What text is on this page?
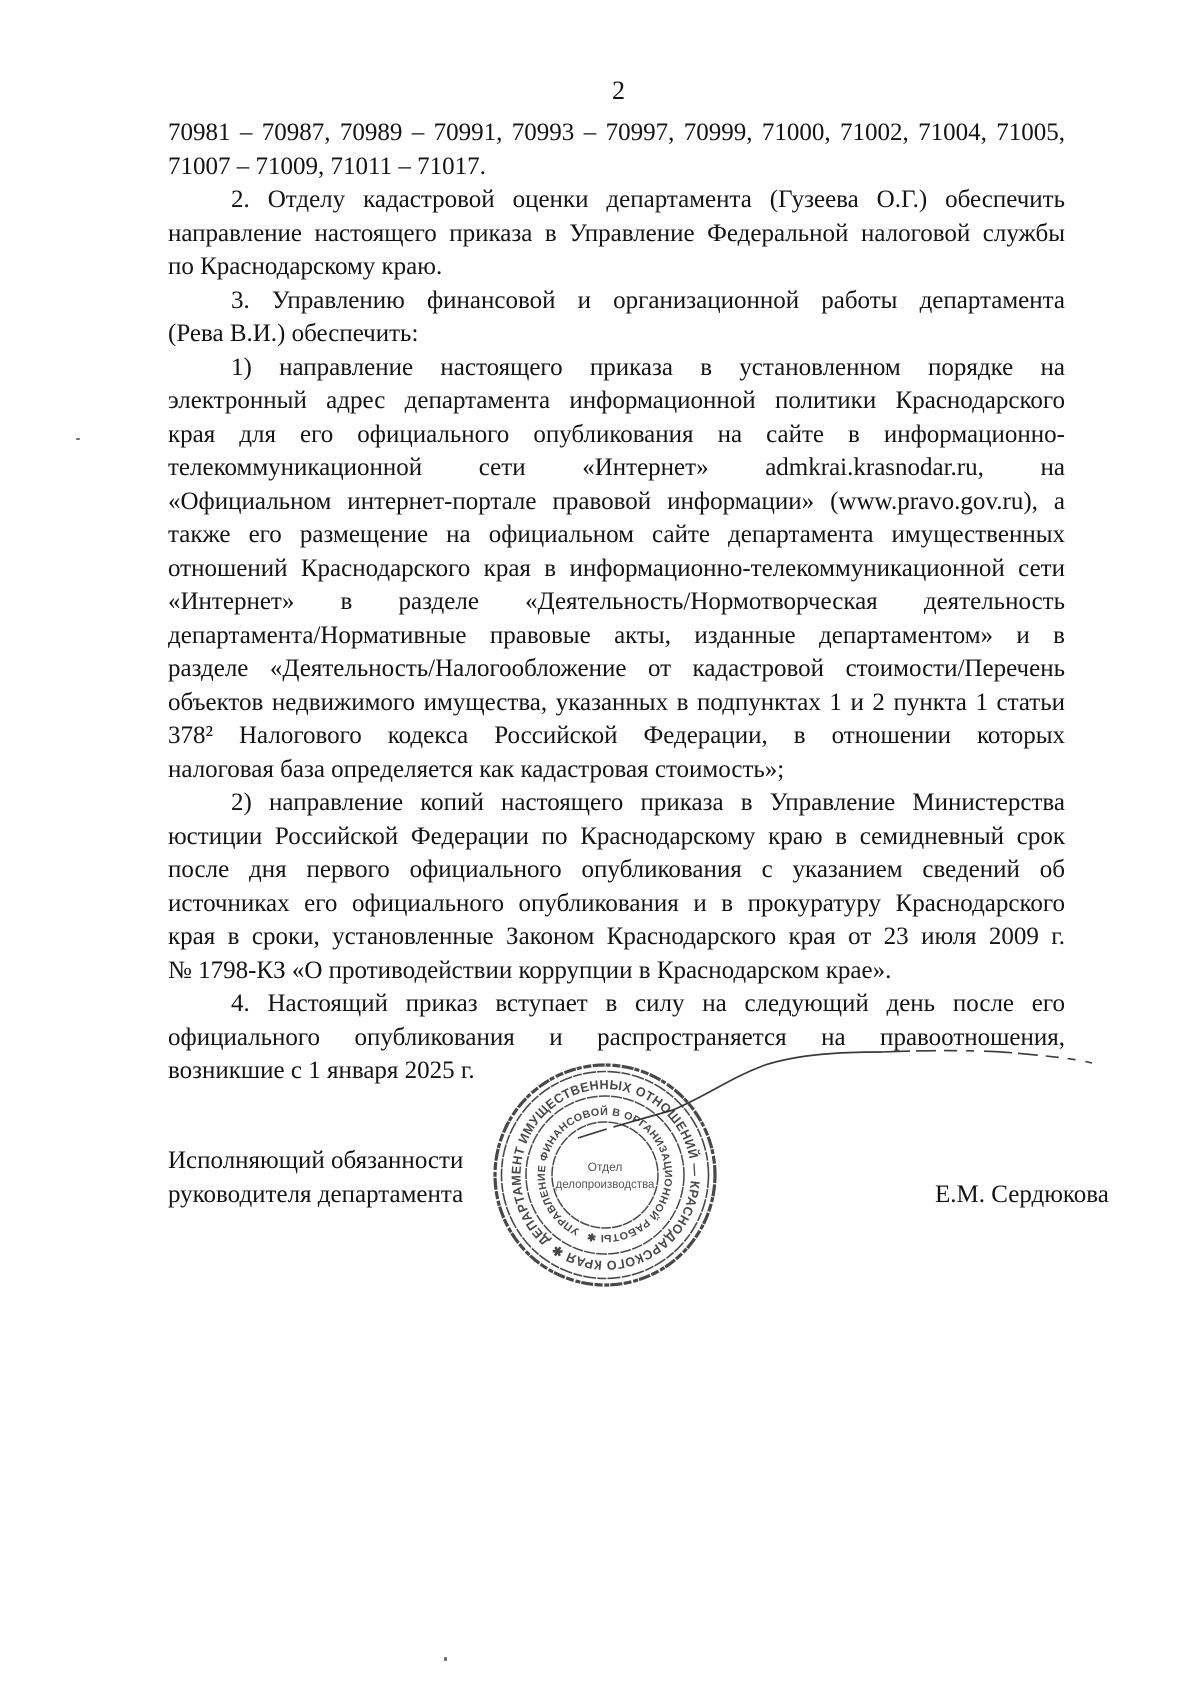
2
70981 – 70987, 70989 – 70991, 70993 – 70997, 70999, 71000, 71002, 71004, 71005,
71007 – 71009, 71011 – 71017.
2. Отделу кадастровой оценки департамента (Гузеева О.Г.) обеспечить
направление настоящего приказа в Управление Федеральной налоговой службы
по Краснодарскому краю.
3. Управлению финансовой и организационной работы департамента
(Рева В.И.) обеспечить:
1) направление настоящего приказа в установленном порядке на
электронный адрес департамента информационной политики Краснодарского
края для его официального опубликования на сайте в информационно-
телекоммуникационной сети «Интернет» admkrai.krasnodar.ru, на
«Официальном интернет-портале правовой информации» (www.pravo.gov.ru), а
также его размещение на официальном сайте департамента имущественных
отношений Краснодарского края в информационно-телекоммуникационной сети
«Интернет» в разделе «Деятельность/Нормотворческая деятельность
департамента/Нормативные правовые акты, изданные департаментом» и в
разделе «Деятельность/Налогообложение от кадастровой стоимости/Перечень
объектов недвижимого имущества, указанных в подпунктах 1 и 2 пункта 1 статьи
378² Налогового кодекса Российской Федерации, в отношении которых
налоговая база определяется как кадастровая стоимость»;
2) направление копий настоящего приказа в Управление Министерства
юстиции Российской Федерации по Краснодарскому краю в семидневный срок
после дня первого официального опубликования с указанием сведений об
источниках его официального опубликования и в прокуратуру Краснодарского
края в сроки, установленные Законом Краснодарского края от 23 июля 2009 г.
№ 1798-КЗ «О противодействии коррупции в Краснодарском крае».
4. Настоящий приказ вступает в силу на следующий день после его
официального опубликования и распространяется на правоотношения,
возникшие с 1 января 2025 г.
Исполняющий обязанности
руководителя департамента	Е.М. Сердюкова
ДЕПАРТАМЕНТ ИМУЩЕСТВЕННЫХ ОТНОШЕНИЙ — КРАСНОДАРСКОГО КРАЯ ✱
УПРАВЛЕНИЕ ФИНАНСОВОЙ В ОРГАНИЗАЦИОННОЙ РАБОТЫ ✱
Отдел
делопроизводства
